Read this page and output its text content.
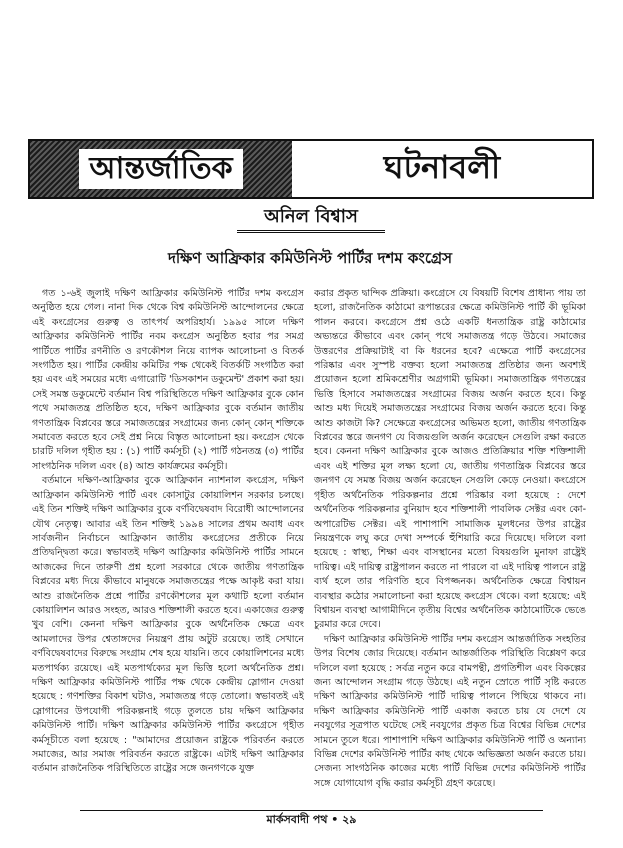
আন্তর্জাতিক	ঘটনাবলী
অনিল বিশ্বাস
দক্ষিণ আফ্রিকার কমিউনিস্ট পার্টির দশম কংগ্রেস

গত ১-৬ই জুলাই দক্ষিণ আফ্রিকার কমিউনিস্ট পার্টির দশম কংগ্রেস অনুষ্ঠিত হয়ে গেল। নানা দিক থেকে বিশ্ব কমিউনিস্ট আন্দোলনের ক্ষেত্রে এই কংগ্রেসের গুরুত্ব ও তাৎপর্য অপরিহার্য। ১৯৯৫ সালে দক্ষিণ আফ্রিকার কমিউনিস্ট পার্টির নবম কংগ্রেস অনুষ্ঠিত হবার পর সমগ্র পার্টিতে পার্টির রণনীতি ও রণকৌশল নিয়ে ব্যাপক আলোচনা ও বিতর্ক সংগঠিত হয়। পার্টির কেন্দ্রীয় কমিটির পক্ষ থেকেই বিতর্কটি সংগঠিত করা হয় এবং এই সময়ের মধ্যে এগারোটি 'ডিসকাশন ডকুমেন্ট' প্রকাশ করা হয়। সেই সমস্ত ডকুমেন্টে বর্তমান বিশ্ব পরিস্থিতিতে দক্ষিণ আফ্রিকার বুকে কোন পথে সমাজতন্ত্র প্রতিষ্ঠিত হবে, দক্ষিণ আফ্রিকার বুকে বর্তমান জাতীয় গণতান্ত্রিক বিপ্লবের স্তরে সমাজতন্ত্রের সংগ্রামের জন্য কোন্ কোন্ শক্তিকে সমাবেত করতে হবে সেই প্রশ্ন নিয়ে বিস্তৃত আলোচনা হয়। কংগ্রেস থেকে চারটি দলিল গৃহীত হয় : (১) পার্টি কর্মসূচী (২) পার্টি গঠনতন্ত্র (৩) পার্টির সাংগঠনিক দলিল এবং (৪) আশু কার্যক্রমের কর্মসূচী।

বর্তমানে দক্ষিণ-আফ্রিকার বুকে আফ্রিকান ন্যাশনাল কংগ্রেস, দক্ষিণ আফ্রিকান কমিউনিস্ট পার্টি এবং কোসাটুর কোয়ালিশন সরকার চলছে। এই তিন শক্তিই দক্ষিণ আফ্রিকার বুকে বর্ণবিদ্বেষবাদ বিরোধী আন্দোলনের যৌথ নেতৃত্ব। আবার এই তিন শক্তিই ১৯৯৪ সালের প্রথম অবাধ এবং সার্বজনীন নির্বাচনে আফ্রিকান জাতীয় কংগ্রেসের প্রতীকে নিয়ে প্রতিদ্বন্দ্বিতা করে। স্বভাবতই দক্ষিণ আফ্রিকার কমিউনিস্ট পার্টির সামনে আজকের দিনে তারুণী প্রশ্ন হলো সরকারে থেকে জাতীয় গণতান্ত্রিক বিপ্লবের মধ্য দিয়ে কীভাবে মানুষকে সমাজতন্ত্রের পক্ষে আকৃষ্ট করা যায়। আশু রাজনৈতিক প্রশ্নে পার্টির রণকৌশলের মূল কথাটি হলো বর্তমান কোয়ালিশন আরও সংহত, আরও শক্তিশালী করতে হবে। একাজের গুরুত্ব খুব বেশি। কেননা দক্ষিণ আফ্রিকার বুকে অর্থনৈতিক ক্ষেত্রে এবং আমলাদের উপর শ্বেতাঙ্গদের নিয়ন্ত্রণ প্রায় অটুট রয়েছে। তাই সেখানে বর্ণবিদ্বেষবাদের বিরুদ্ধে সংগ্রাম শেষ হয়ে যায়নি। তবে কোয়ালিশনের মধ্যে মতপার্থক্য রয়েছে। এই মতপার্থক্যের মূল ভিত্তি হলো অর্থনৈতিক প্রশ্ন। দক্ষিণ আফ্রিকার কমিউনিস্ট পার্টির পক্ষ থেকে কেন্দ্রীয় স্লোগান দেওয়া হয়েছে : গণশক্তির বিকাশ ঘটাও, সমাজতন্ত্র গড়ে তোলো। স্বভাবতই এই স্লোগানের উপযোগী পরিকল্পনাই গড়ে তুলতে চায় দক্ষিণ আফ্রিকার কমিউনিস্ট পার্টি। দক্ষিণ আফ্রিকার কমিউনিস্ট পার্টির কংগ্রেসে গৃহীত কর্মসূচীতে বলা হয়েছে : "আমাদের প্রয়োজন রাষ্ট্রকে পরিবর্তন করতে সমাজের, আর সমাজ পরিবর্তন করতে রাষ্ট্রকে। এটাই দক্ষিণ আফ্রিকার বর্তমান রাজনৈতিক পরিস্থিতিতে রাষ্ট্রের সঙ্গে জনগণকে যুক্ত

করার প্রকৃত দ্বান্দিক প্রক্রিয়া। কংগ্রেসে যে বিষয়টি বিশেষ প্রাধান্য পায় তা হলো, রাজনৈতিক কাঠামো রূপান্তরের ক্ষেত্রে কমিউনিস্ট পার্টি কী ভূমিকা পালন করবে। কংগ্রেসে প্রশ্ন ওঠে একটি ধনতান্ত্রিক রাষ্ট্র কাঠামোর অভ্যন্তরে কীভাবে এবং কোন্ পথে সমাজতন্ত্র গড়ে উঠবে। সমাজের উত্তরণের প্রক্রিয়াটাই বা কি ধরনের হবে? এক্ষেত্রে পার্টি কংগ্রেসের পরিষ্কার এবং সুস্পষ্ট বক্তব্য হলো সমাজতন্ত্র প্রতিষ্ঠার জন্য অবশ্যই প্রয়োজন হলো শ্রমিকশ্রেণীর অগ্রগামী ভূমিকা। সমাজতান্ত্রিক গণতন্ত্রের ভিত্তি হিসাবে সমাজতন্ত্রের সংগ্রামের বিজয় অর্জন করতে হবে। কিন্তু আশু মধ্য দিয়েই সমাজতন্ত্রের সংগ্রামের বিজয় অর্জন করতে হবে। কিন্তু আশু কাজটা কি? সেক্ষেত্রে কংগ্রেসের অভিমত হলো, জাতীয় গণতান্ত্রিক বিপ্লবের স্তরে জনগণ যে বিজয়গুলি অর্জন করেছেন সেগুলি রক্ষা করতে হবে। কেননা দক্ষিণ আফ্রিকার বুকে আজও প্রতিক্রিয়ার শক্তি শক্তিশালী এবং এই শক্তির মূল লক্ষ্য হলো যে, জাতীয় গণতান্ত্রিক বিপ্লবের স্তরে জনগণ যে সমস্ত বিজয় অর্জন করেছেন সেগুলি কেড়ে নেওয়া। কংগ্রেসে গৃহীত অর্থনৈতিক পরিকল্পনার প্রশ্নে পরিষ্কার বলা হয়েছে : দেশে অর্থনৈতিক পরিকল্পনার বুনিয়াদ হবে শক্তিশালী পাবলিক সেক্টর এবং কো-অপারেটিভ সেক্টর। এই পাশাপাশি সামাজিক মূলধনের উপর রাষ্ট্রের নিয়ন্ত্রণকে লঘু করে দেখা সম্পর্কে হুঁশিয়ারি করে দিয়েছে। দলিলে বলা হয়েছে : স্বাস্থ্য, শিক্ষা এবং বাসস্থানের মতো বিষয়গুলি মুনাফা রাষ্ট্রেই দায়িত্ব। এই দায়িত্ব রাষ্ট্রপালন করতে না পারলে বা এই দায়িত্ব পালনে রাষ্ট্র ব্যর্থ হলে তার পরিণতি হবে বিপজ্জনক। অর্থনৈতিক ক্ষেত্রে বিশ্বায়ন ব্যবস্থার কঠোর সমালোচনা করা হয়েছে কংগ্রেস থেকে। বলা হয়েছে: এই বিশ্বায়ন ব্যবস্থা আগামীদিনে তৃতীয় বিশ্বের অর্থনৈতিক কাঠামোটিকে ভেঙে চুরমার করে দেবে।

দক্ষিণ আফ্রিকার কমিউনিস্ট পার্টির দশম কংগ্রেস আন্তর্জাতিক সংহতির উপর বিশেষ জোর দিয়েছে। বর্তমান আন্তর্জাতিক পরিস্থিতি বিশ্লেষণ করে দলিলে বলা হয়েছে : সর্বত্র নতুন করে বামপন্থী, প্রগতিশীল এবং বিকল্পের জন্য আন্দোলন সংগ্রাম গড়ে উঠছে। এই নতুন স্রোতে পার্টি সৃষ্টি করতে দক্ষিণ আফ্রিকার কমিউনিস্ট পার্টি দায়িত্ব পালনে পিছিয়ে থাকবে না। দক্ষিণ আফ্রিকার কমিউনিস্ট পার্টি একাজ করতে চায় যে দেশে যে নবযুগের সূত্রপাত ঘটেছে সেই নবযুগের প্রকৃত চিত্র বিশ্বের বিভিন্ন দেশের সামনে তুলে ধরে। পাশাপাশি দক্ষিণ আফ্রিকার কমিউনিস্ট পার্টি ও অন্যান্য বিভিন্ন দেশের কমিউনিস্ট পার্টির কাছ থেকে অভিজ্ঞতা অর্জন করতে চায়। সেজন্য সাংগঠনিক কাজের মধ্যে পার্টি বিভিন্ন দেশের কমিউনিস্ট পার্টির সঙ্গে যোগাযোগ বৃদ্ধি করার কর্মসূচী গ্রহণ করেছে।

মার্কসবাদী পথ • ২৯
